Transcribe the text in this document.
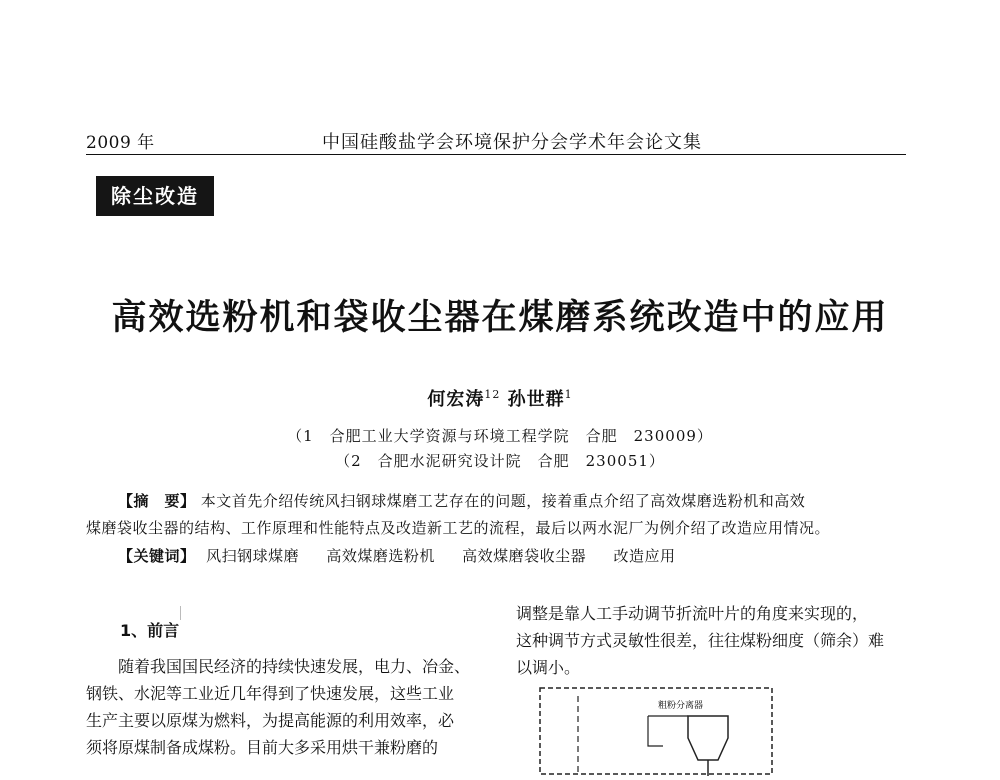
2009 年	中国硅酸盐学会环境保护分会学术年会论文集
除尘改造
高效选粉机和袋收尘器在煤磨系统改造中的应用
何宏涛$^{12}$ 孙世群$^1$
（1　合肥工业大学资源与环境工程学院　合肥　230009）
（2　合肥水泥研究设计院　合肥　230051）

【摘　要】 本文首先介绍传统风扫钢球煤磨工艺存在的问题，接着重点介绍了高效煤磨选粉机和高效

煤磨袋收尘器的结构、工作原理和性能特点及改造新工艺的流程，最后以两水泥厂为例介绍了改造应用情况。

【关键词】 风扫钢球煤磨 高效煤磨选粉机 高效煤磨袋收尘器 改造应用
1、前言

随着我国国民经济的持续快速发展，电力、冶金、

钢铁、水泥等工业近几年得到了快速发展，这些工业

生产主要以原煤为燃料，为提高能源的利用效率，必

须将原煤制备成煤粉。目前大多采用烘干兼粉磨的

调整是靠人工手动调节折流叶片的角度来实现的，

这种调节方式灵敏性很差，往往煤粉细度（筛余）难

以调小。

粗粉分离器
